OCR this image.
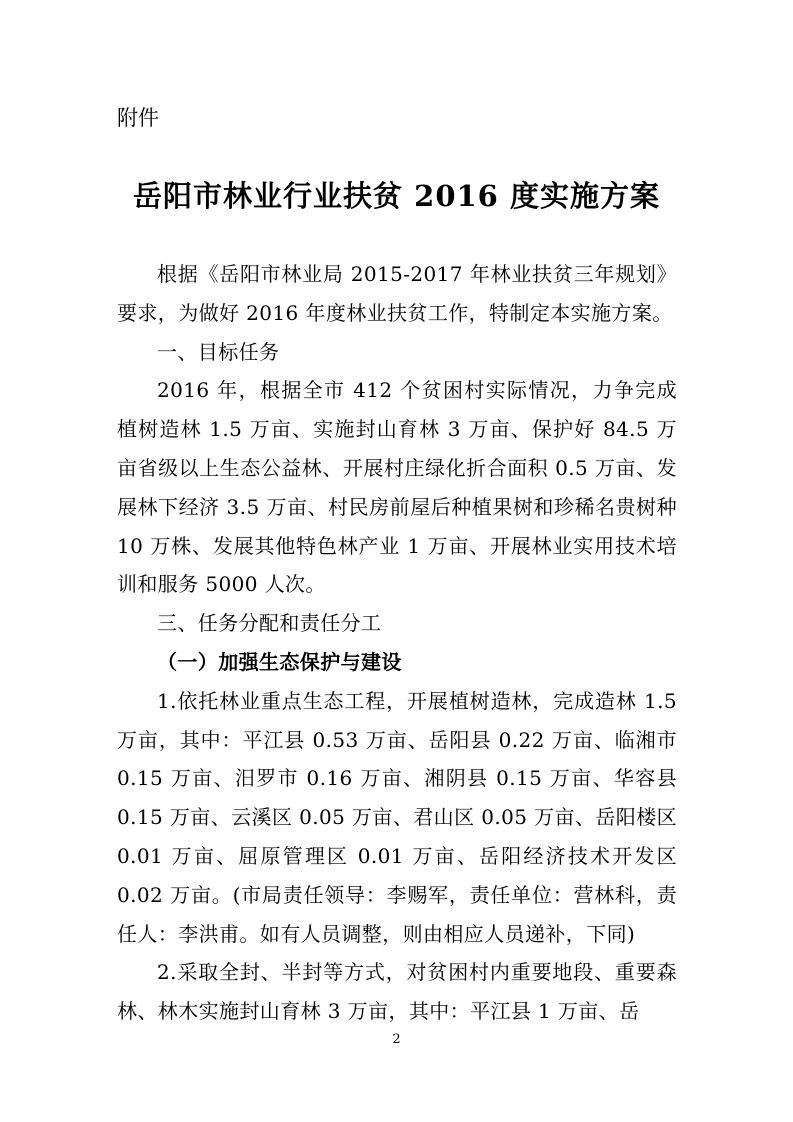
附件
岳阳市林业行业扶贫 2016 度实施方案

根据《岳阳市林业局 2015-2017 年林业扶贫三年规划》要求，为做好 2016 年度林业扶贫工作，特制定本实施方案。

一、目标任务

2016 年，根据全市 412 个贫困村实际情况，力争完成植树造林 1.5 万亩、实施封山育林 3 万亩、保护好 84.5 万亩省级以上生态公益林、开展村庄绿化折合面积 0.5 万亩、发展林下经济 3.5 万亩、村民房前屋后种植果树和珍稀名贵树种 10 万株、发展其他特色林产业 1 万亩、开展林业实用技术培训和服务 5000 人次。

三、任务分配和责任分工

（一）加强生态保护与建设

1.依托林业重点生态工程，开展植树造林，完成造林 1.5 万亩，其中：平江县 0.53 万亩、岳阳县 0.22 万亩、临湘市 0.15 万亩、汨罗市 0.16 万亩、湘阴县 0.15 万亩、华容县 0.15 万亩、云溪区 0.05 万亩、君山区 0.05 万亩、岳阳楼区 0.01 万亩、屈原管理区 0.01 万亩、岳阳经济技术开发区 0.02 万亩。(市局责任领导：李赐军，责任单位：营林科，责任人：李洪甫。如有人员调整，则由相应人员递补，下同)

2.采取全封、半封等方式，对贫困村内重要地段、重要森林、林木实施封山育林 3 万亩，其中：平江县 1 万亩、岳

2
